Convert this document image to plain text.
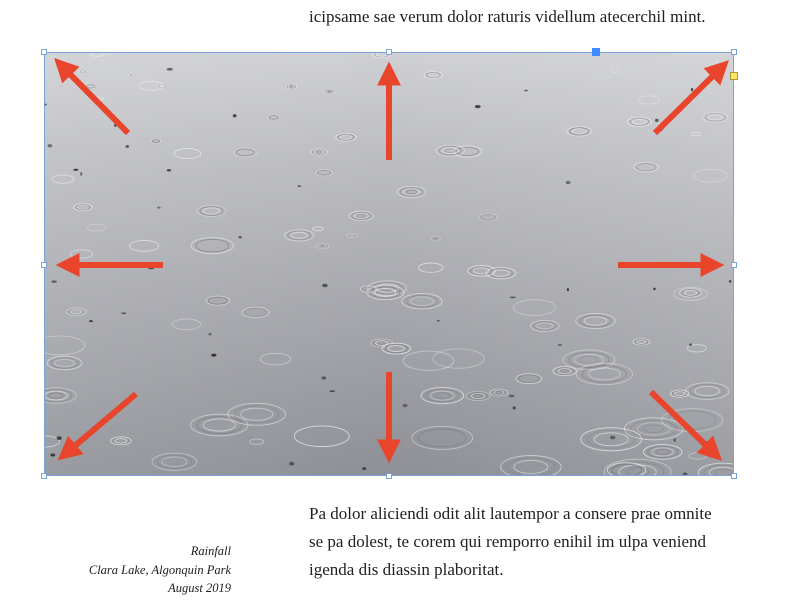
icipsame sae verum dolor raturis videllum atecerchil mint.

Pa dolor aliciendi odit alit lautempor a consere prae omnite
se pa dolest, te corem qui remporro enihil im ulpa veniend
igenda dis diassin plaboritat.

Rainfall
Clara Lake, Algonquin Park
August 2019
